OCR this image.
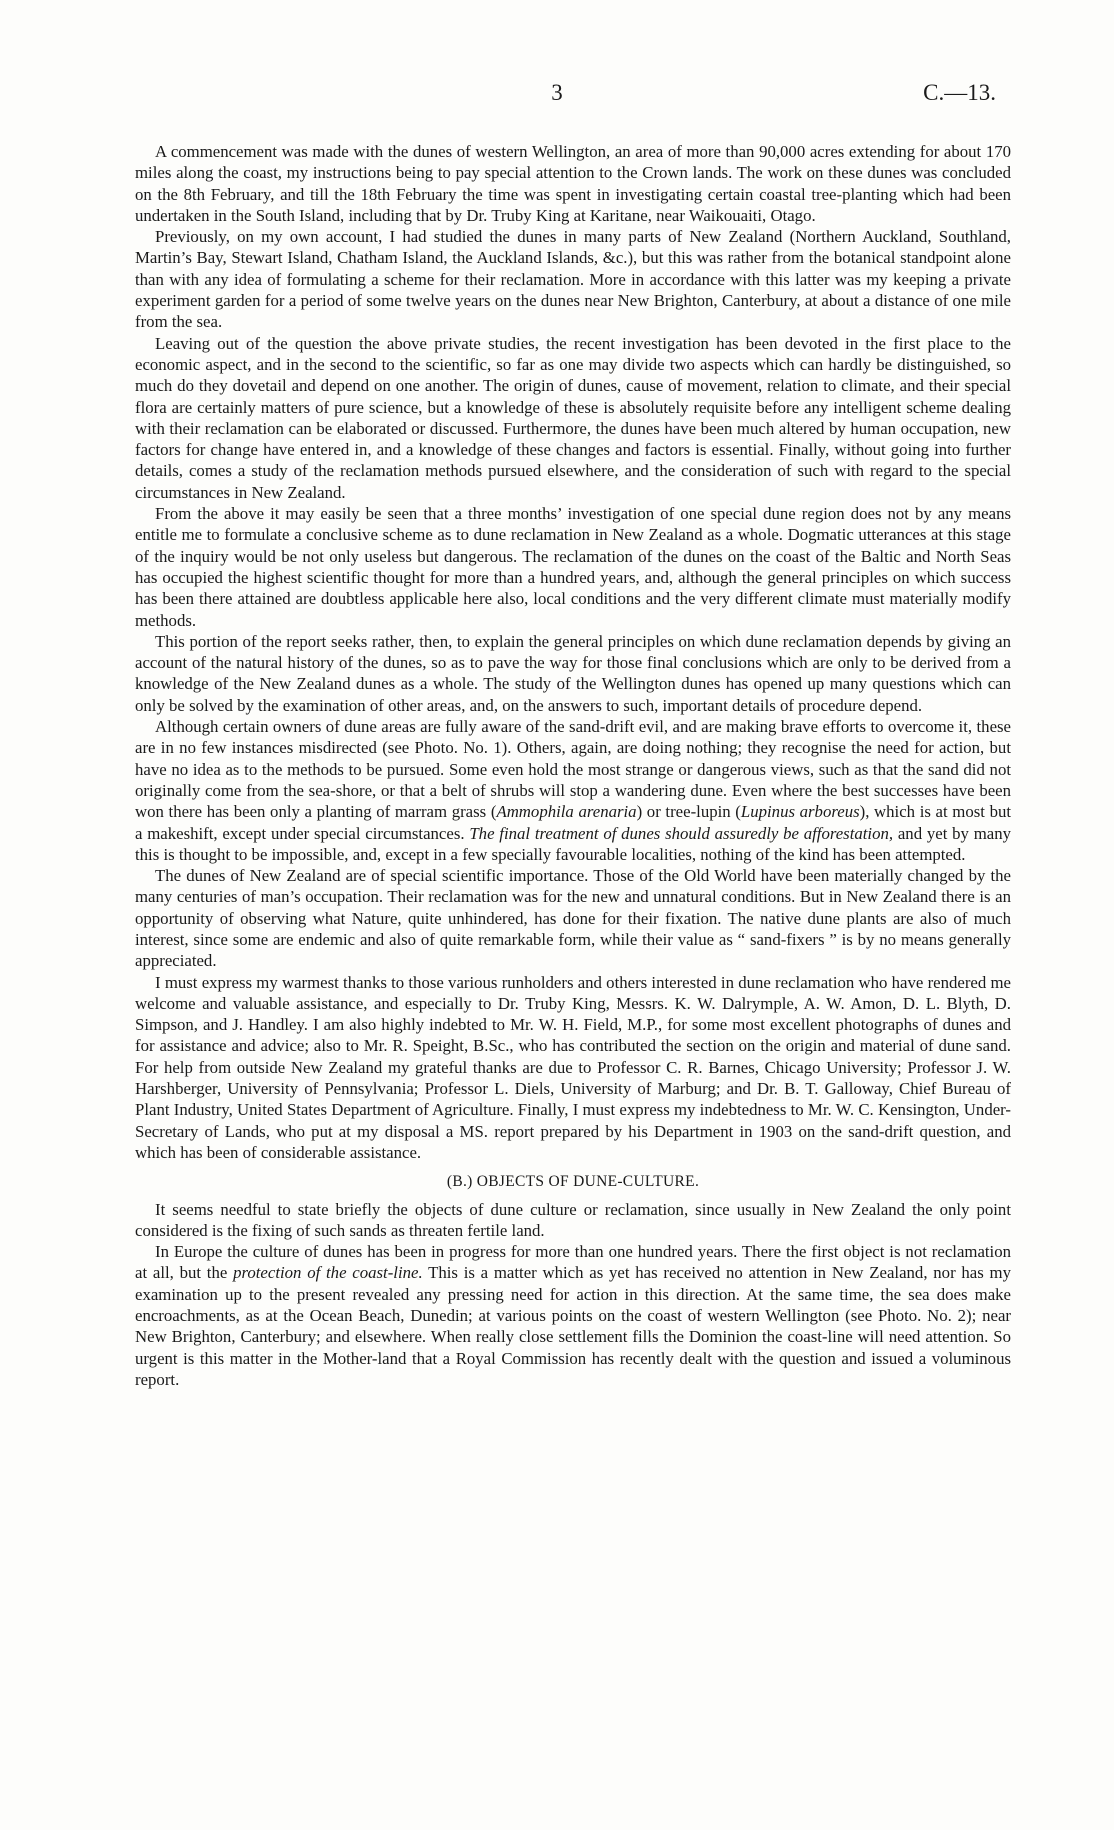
3	C.—13.

A commencement was made with the dunes of western Wellington, an area of more than 90,000 acres extending for about 170 miles along the coast, my instructions being to pay special attention to the Crown lands. The work on these dunes was concluded on the 8th February, and till the 18th February the time was spent in investigating certain coastal tree-planting which had been undertaken in the South Island, including that by Dr. Truby King at Karitane, near Waikouaiti, Otago.

Previously, on my own account, I had studied the dunes in many parts of New Zealand (Northern Auckland, Southland, Martin’s Bay, Stewart Island, Chatham Island, the Auckland Islands, &c.), but this was rather from the botanical standpoint alone than with any idea of formulating a scheme for their reclamation. More in accordance with this latter was my keeping a private experiment garden for a period of some twelve years on the dunes near New Brighton, Canterbury, at about a distance of one mile from the sea.

Leaving out of the question the above private studies, the recent investigation has been devoted in the first place to the economic aspect, and in the second to the scientific, so far as one may divide two aspects which can hardly be distinguished, so much do they dovetail and depend on one another. The origin of dunes, cause of movement, relation to climate, and their special flora are certainly matters of pure science, but a knowledge of these is absolutely requisite before any intelligent scheme dealing with their reclamation can be elaborated or discussed. Furthermore, the dunes have been much altered by human occupation, new factors for change have entered in, and a knowledge of these changes and factors is essential. Finally, without going into further details, comes a study of the reclamation methods pursued elsewhere, and the consideration of such with regard to the special circumstances in New Zealand.

From the above it may easily be seen that a three months’ investigation of one special dune region does not by any means entitle me to formulate a conclusive scheme as to dune reclamation in New Zealand as a whole. Dogmatic utterances at this stage of the inquiry would be not only useless but dangerous. The reclamation of the dunes on the coast of the Baltic and North Seas has occupied the highest scientific thought for more than a hundred years, and, although the general principles on which success has been there attained are doubtless applicable here also, local conditions and the very different climate must materially modify methods.

This portion of the report seeks rather, then, to explain the general principles on which dune reclamation depends by giving an account of the natural history of the dunes, so as to pave the way for those final conclusions which are only to be derived from a knowledge of the New Zealand dunes as a whole. The study of the Wellington dunes has opened up many questions which can only be solved by the examination of other areas, and, on the answers to such, important details of procedure depend.

Although certain owners of dune areas are fully aware of the sand-drift evil, and are making brave efforts to overcome it, these are in no few instances misdirected (see Photo. No. 1). Others, again, are doing nothing; they recognise the need for action, but have no idea as to the methods to be pursued. Some even hold the most strange or dangerous views, such as that the sand did not originally come from the sea-shore, or that a belt of shrubs will stop a wandering dune. Even where the best successes have been won there has been only a planting of marram grass (Ammophila arenaria) or tree-lupin (Lupinus arboreus), which is at most but a makeshift, except under special circumstances. The final treatment of dunes should assuredly be afforestation, and yet by many this is thought to be impossible, and, except in a few specially favourable localities, nothing of the kind has been attempted.

The dunes of New Zealand are of special scientific importance. Those of the Old World have been materially changed by the many centuries of man’s occupation. Their reclamation was for the new and unnatural conditions. But in New Zealand there is an opportunity of observing what Nature, quite unhindered, has done for their fixation. The native dune plants are also of much interest, since some are endemic and also of quite remarkable form, while their value as “ sand-fixers ” is by no means generally appreciated.

I must express my warmest thanks to those various runholders and others interested in dune reclamation who have rendered me welcome and valuable assistance, and especially to Dr. Truby King, Messrs. K. W. Dalrymple, A. W. Amon, D. L. Blyth, D. Simpson, and J. Handley. I am also highly indebted to Mr. W. H. Field, M.P., for some most excellent photographs of dunes and for assistance and advice; also to Mr. R. Speight, B.Sc., who has contributed the section on the origin and material of dune sand. For help from outside New Zealand my grateful thanks are due to Professor C. R. Barnes, Chicago University; Professor J. W. Harshberger, University of Pennsylvania; Professor L. Diels, University of Marburg; and Dr. B. T. Galloway, Chief Bureau of Plant Industry, United States Department of Agriculture. Finally, I must express my indebtedness to Mr. W. C. Kensington, Under-Secretary of Lands, who put at my disposal a MS. report prepared by his Department in 1903 on the sand-drift question, and which has been of considerable assistance.

(B.) OBJECTS OF DUNE-CULTURE.

It seems needful to state briefly the objects of dune culture or reclamation, since usually in New Zealand the only point considered is the fixing of such sands as threaten fertile land.

In Europe the culture of dunes has been in progress for more than one hundred years. There the first object is not reclamation at all, but the protection of the coast-line. This is a matter which as yet has received no attention in New Zealand, nor has my examination up to the present revealed any pressing need for action in this direction. At the same time, the sea does make encroachments, as at the Ocean Beach, Dunedin; at various points on the coast of western Wellington (see Photo. No. 2); near New Brighton, Canterbury; and elsewhere. When really close settlement fills the Dominion the coast-line will need attention. So urgent is this matter in the Mother-land that a Royal Commission has recently dealt with the question and issued a voluminous report.
